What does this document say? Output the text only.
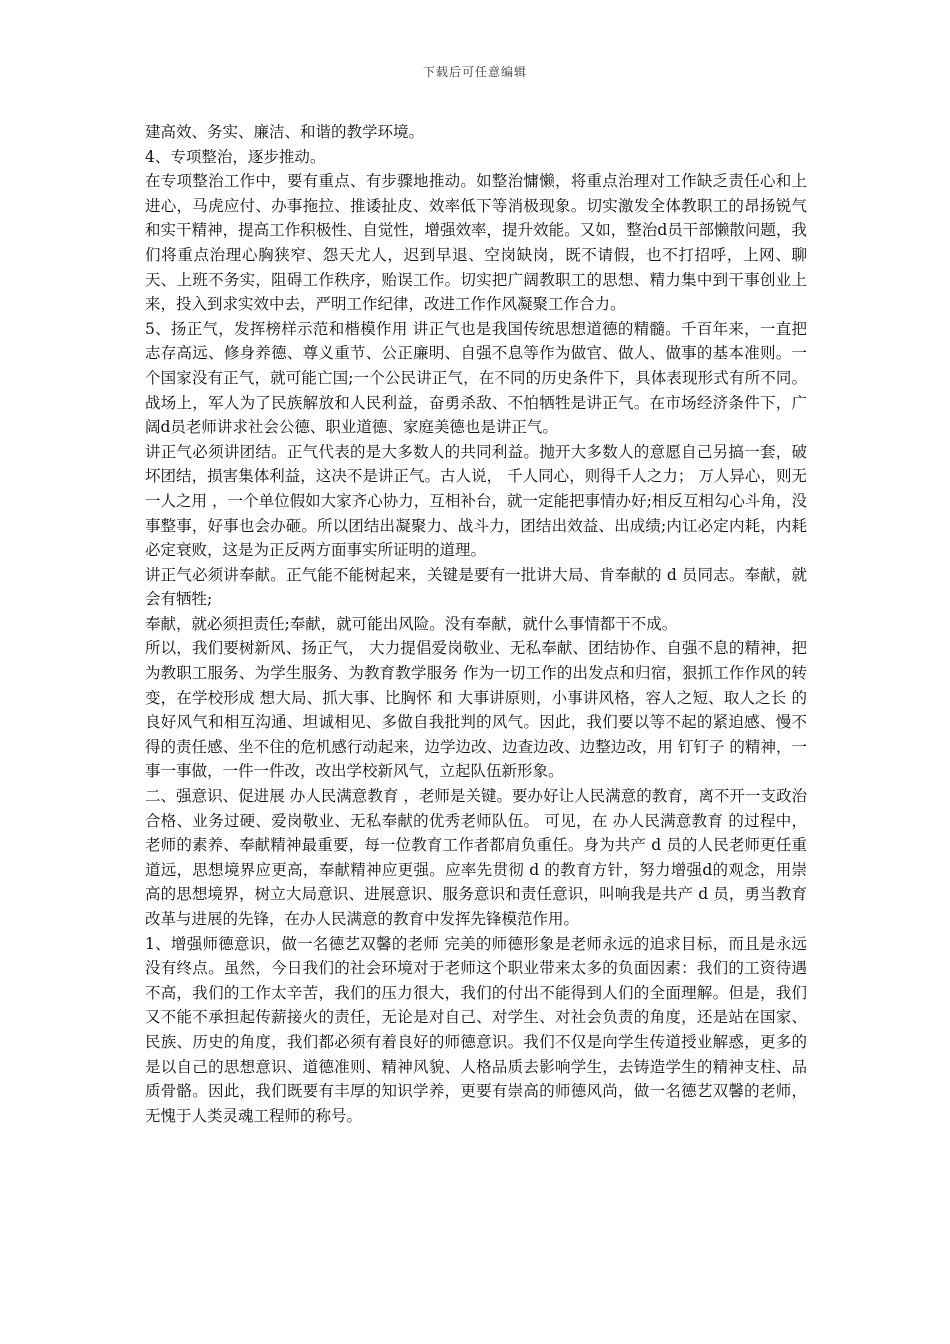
下载后可任意编辑

建高效、务实、廉洁、和谐的教学环境。

4、专项整治，逐步推动。

在专项整治工作中，要有重点、有步骤地推动。如整治慵懒，将重点治理对工作缺乏责任心和上进心，马虎应付、办事拖拉、推诿扯皮、效率低下等消极现象。切实激发全体教职工的昂扬锐气和实干精神，提高工作积极性、自觉性，增强效率，提升效能。又如，整治d员干部懒散问题，我们将重点治理心胸狭窄、怨天尤人，迟到早退、空岗缺岗，既不请假，也不打招呼，上网、聊天、上班不务实，阻碍工作秩序，贻误工作。切实把广阔教职工的思想、精力集中到干事创业上来，投入到求实效中去，严明工作纪律，改进工作作风凝聚工作合力。

5、扬正气，发挥榜样示范和楷模作用 讲正气也是我国传统思想道德的精髓。千百年来，一直把志存高远、修身养德、尊义重节、公正廉明、自强不息等作为做官、做人、做事的基本准则。一个国家没有正气，就可能亡国;一个公民讲正气，在不同的历史条件下，具体表现形式有所不同。战场上，军人为了民族解放和人民利益，奋勇杀敌、不怕牺牲是讲正气。在市场经济条件下，广阔d员老师讲求社会公德、职业道德、家庭美德也是讲正气。

讲正气必须讲团结。正气代表的是大多数人的共同利益。抛开大多数人的意愿自己另搞一套，破坏团结，损害集体利益，这决不是讲正气。古人说， 千人同心，则得千人之力； 万人异心，则无一人之用 ，一个单位假如大家齐心协力，互相补台，就一定能把事情办好;相反互相勾心斗角，没事整事，好事也会办砸。所以团结出凝聚力、战斗力，团结出效益、出成绩;内讧必定内耗，内耗必定衰败，这是为正反两方面事实所证明的道理。

讲正气必须讲奉献。正气能不能树起来，关键是要有一批讲大局、肯奉献的 d 员同志。奉献，就会有牺牲;

奉献，就必须担责任;奉献，就可能出风险。没有奉献，就什么事情都干不成。

所以，我们要树新风、扬正气， 大力提倡爱岗敬业、无私奉献、团结协作、自强不息的精神，把 为教职工服务、为学生服务、为教育教学服务 作为一切工作的出发点和归宿，狠抓工作作风的转变，在学校形成 想大局、抓大事、比胸怀 和 大事讲原则，小事讲风格，容人之短、取人之长 的良好风气和相互沟通、坦诚相见、多做自我批判的风气。因此，我们要以等不起的紧迫感、慢不得的责任感、坐不住的危机感行动起来，边学边改、边查边改、边整边改，用 钉钉子 的精神，一事一事做，一件一件改，改出学校新风气，立起队伍新形象。

二、强意识、促进展 办人民满意教育 ，老师是关键。要办好让人民满意的教育，离不开一支政治合格、业务过硬、爱岗敬业、无私奉献的优秀老师队伍。 可见，在 办人民满意教育 的过程中，老师的素养、奉献精神最重要，每一位教育工作者都肩负重任。身为共产 d 员的人民老师更任重道远，思想境界应更高，奉献精神应更强。应率先贯彻 d 的教育方针，努力增强d的观念，用崇高的思想境界，树立大局意识、进展意识、服务意识和责任意识，叫响我是共产 d 员，勇当教育改革与进展的先锋，在办人民满意的教育中发挥先锋模范作用。

1、增强师德意识，做一名德艺双馨的老师 完美的师德形象是老师永远的追求目标，而且是永远没有终点。虽然，今日我们的社会环境对于老师这个职业带来太多的负面因素：我们的工资待遇不高，我们的工作太辛苦，我们的压力很大，我们的付出不能得到人们的全面理解。但是，我们又不能不承担起传薪接火的责任，无论是对自己、对学生、对社会负责的角度，还是站在国家、民族、历史的角度，我们都必须有着良好的师德意识。我们不仅是向学生传道授业解惑，更多的是以自己的思想意识、道德准则、精神风貌、人格品质去影响学生，去铸造学生的精神支柱、品质骨骼。因此，我们既要有丰厚的知识学养，更要有崇高的师德风尚，做一名德艺双馨的老师，无愧于人类灵魂工程师的称号。
